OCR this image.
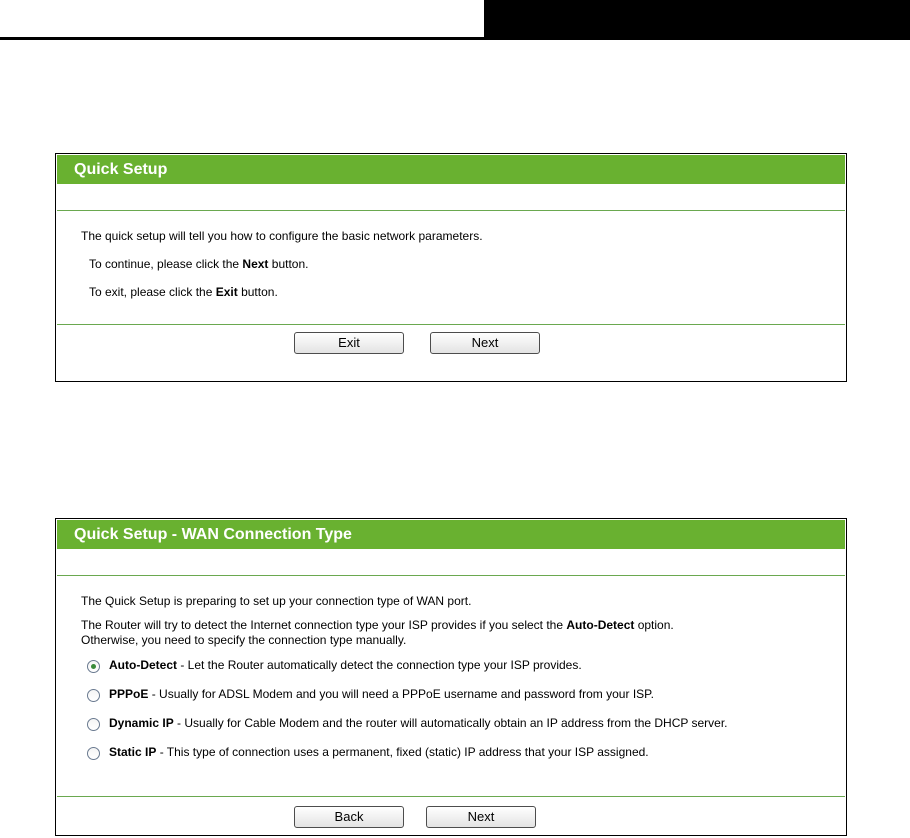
Quick Setup
The quick setup will tell you how to configure the basic network parameters.
To continue, please click the Next button.
To exit, please click the Exit button.
Exit	Next
Quick Setup - WAN Connection Type
The Quick Setup is preparing to set up your connection type of WAN port.
The Router will try to detect the Internet connection type your ISP provides if you select the Auto-Detect option.
Otherwise, you need to specify the connection type manually.
Auto-Detect - Let the Router automatically detect the connection type your ISP provides.
PPPoE - Usually for ADSL Modem and you will need a PPPoE username and password from your ISP.
Dynamic IP - Usually for Cable Modem and the router will automatically obtain an IP address from the DHCP server.
Static IP - This type of connection uses a permanent, fixed (static) IP address that your ISP assigned.
Back	Next
